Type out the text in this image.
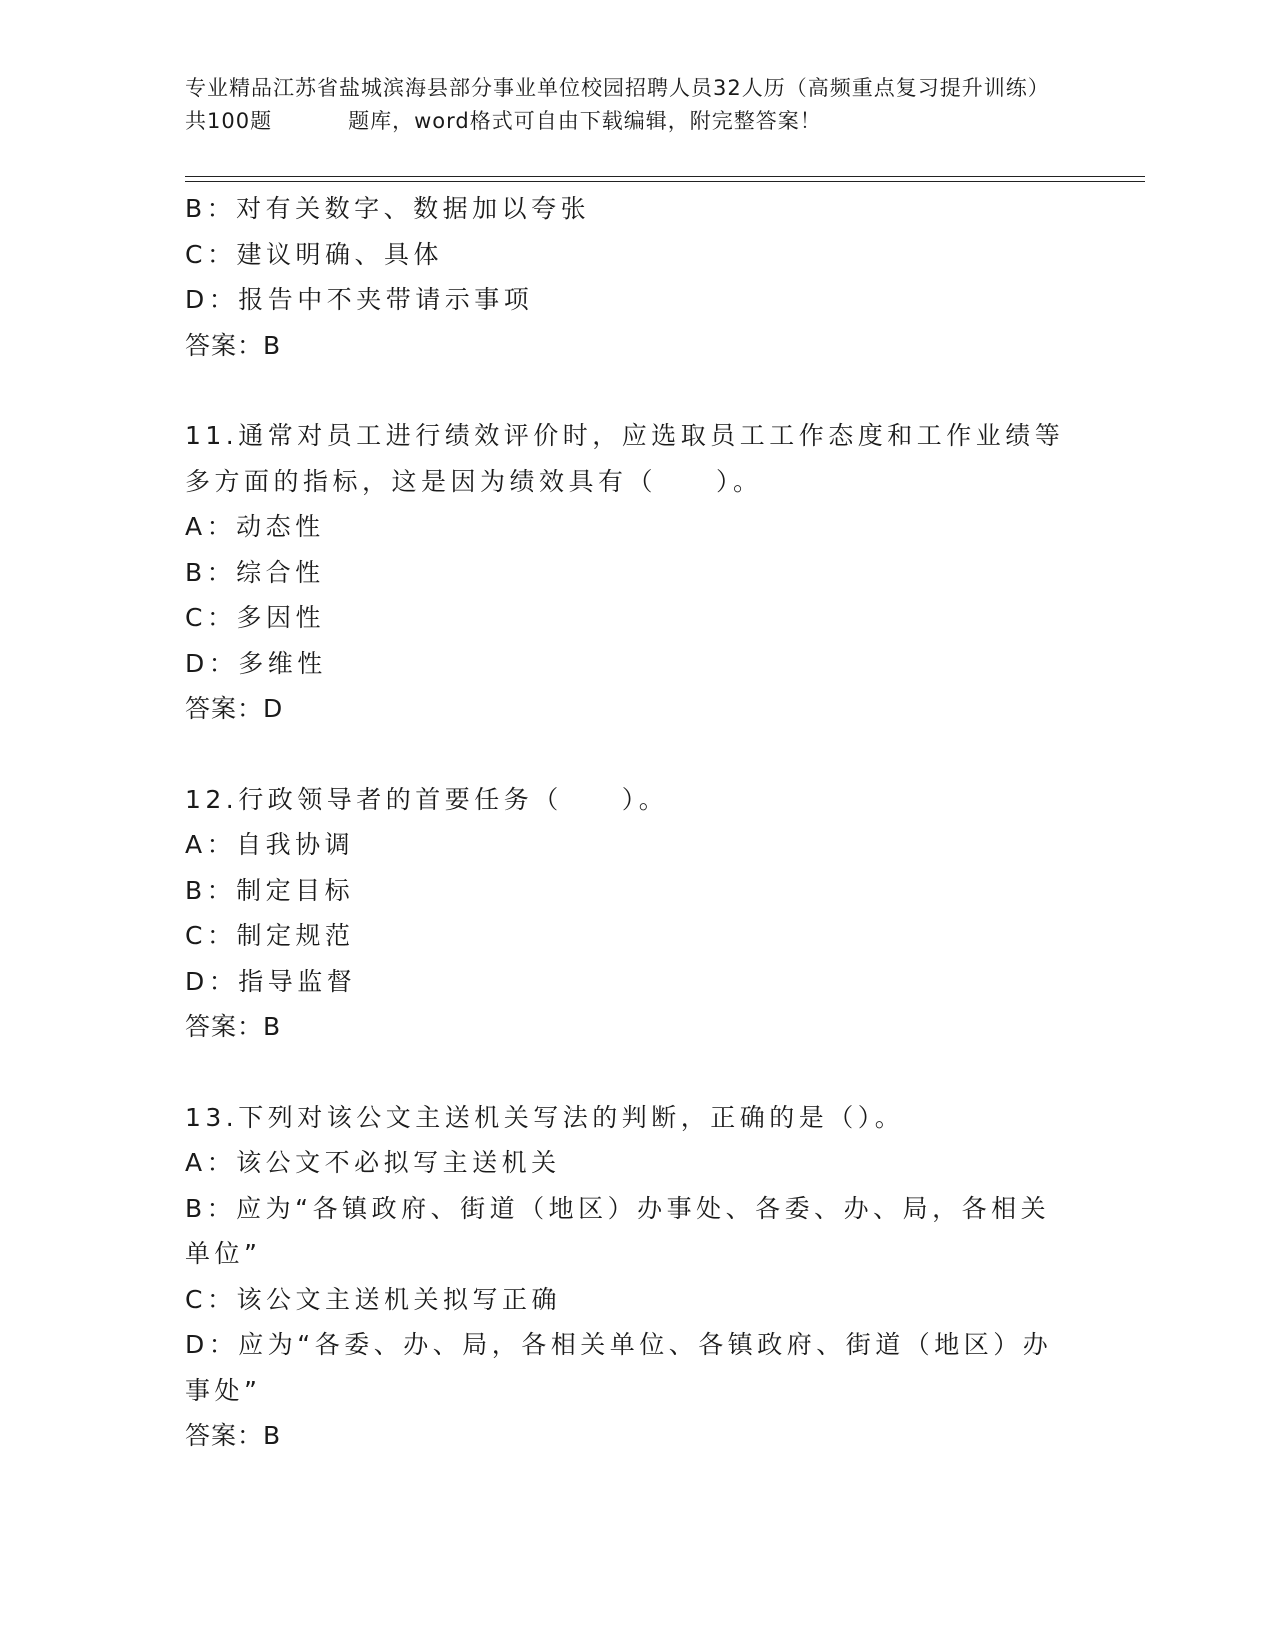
专业精品江苏省盐城滨海县部分事业单位校园招聘人员32人历（高频重点复习提升训练）共100题	题库，word格式可自由下载编辑，附完整答案！
B：对有关数字、数据加以夸张
C：建议明确、具体
D：报告中不夹带请示事项
答案：B
11.通常对员工进行绩效评价时，应选取员工工作态度和工作业绩等多方面的指标，这是因为绩效具有（　　）。
A：动态性
B：综合性
C：多因性
D：多维性
答案：D
12.行政领导者的首要任务（　　）。
A：自我协调
B：制定目标
C：制定规范
D：指导监督
答案：B
13.下列对该公文主送机关写法的判断，正确的是（）。
A：该公文不必拟写主送机关
B：应为“各镇政府、街道（地区）办事处、各委、办、局，各相关单位”
C：该公文主送机关拟写正确
D：应为“各委、办、局，各相关单位、各镇政府、街道（地区）办事处”
答案：B
